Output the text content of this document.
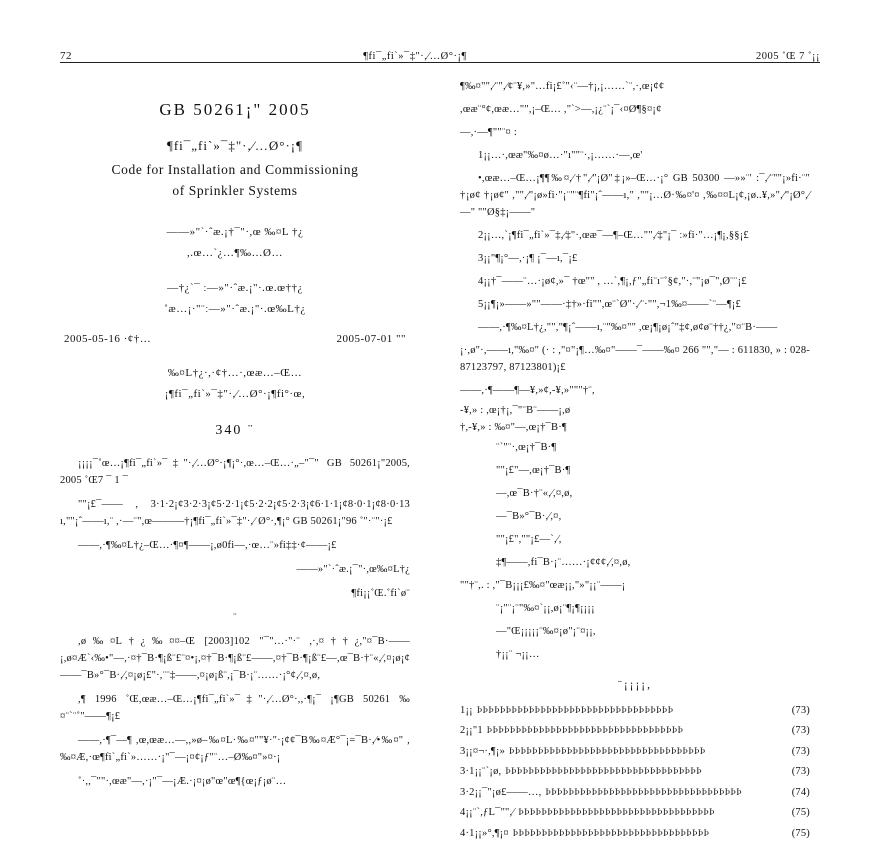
72	¶fi¯„fi`»¯‡"·,⁄…Ø°·¡¶	2005 ˚Œ 7 ˚¡¡
GB 50261¡" 2005
¶fi¯„fi`»¯‡"·,⁄…Ø°·¡¶
Code for Installation and Commissioning
of Sprinkler Systems
——»"`·ˆæ.¡†¯"·,œ ‰¤L †¿
,.œ…`¿…¶‰…Ø…
—†¿`¯ ː—»"·ˆæ.¡"·.œ.œ††¿
˚æ…¡·"¨ː—»"·ˆæ.¡"·.œ‰L†¿
2005-05-16 ·¢†…	2005-07-01 ""
‰¤L†¿·,·¢†…·,œæ…–Œ…
¡¶fi¯„fi`»¯‡"·,⁄…Ø°·¡¶fi°·œ,
340 ¨

¡¡¡¡¯˚œ…¡¶fi¯„fi`»¯‡"·,⁄…Ø°·¡¶¡°·,œ…–Œ…·„–"¯" GB 50261¡"2005, 2005 ˚Œ7 ¯ 1 ¯

""¡£¯—— , 3·1·2¡¢3·2·3¡¢5·2·1¡¢5·2·2¡¢5·2·3¡¢6·1·1¡¢8·0·1¡¢8·0·13 ı,""¡ˆ——ı,¨ ,·—¨",œ———†¡¶fi¯„fi`»¯‡"·,⁄ Ø°·,¶¡° GB 50261¡"96 ˚"·¨"·¡£

——,·¶‰¤L†¿–Œ…·¶¤¶——¡,ø0fi—,·œ…¨»fi‡‡·¢——¡£

——»"`·ˆæ.¡¯"·,œ‰¤L†¿

¶fi¡¡˚Œ.˚fi`ø¨

¨

,ø‰¤L†¿‰¤¤–Œ [2003]102 "¯"…·"·¨ ,·,¤††¿,"¤¯B·——¡,ø¤Æ`‹‰•"—,·¤†¯B·¶¡ß¨£¨¤•¡,¤†¯B·¶¡ß¨£——,¤†¯B·¶¡ß¨£—,œ¯B·†¨«,⁄,¤¡ø¡¢——¯B»°¯B·,⁄,¤¡ø¡£"·,¨¨‡——,¤¡ø¡ß¨,¡¯B·¡¨……·¡°¢,⁄,¤,ø,

,¶ 1996 ˚Œ,œæ…–Œ…¡¶fi¯„fi`»¯‡"·,⁄…Ø°·,,·¶¡¯ ¡¶GB 50261 ‰¤¨`¨˚"——¶¡£

——,·¶¯—¶ ,œ,œæ…—,,»ø–‰¤L·‰¤""¥·"·¡¢¢¯B‰¤Æ°¯¡=¯B·,⁄•‰¤" ,‰¤Æ,·œ¶fi`„fi`»……·¡"¯—¡¤¢¡ƒ"¨…–Ø‰¤"»¤·¡

˚·,,¯""·,œæ"—,·¡"¯—¡Æ.·¡¤¡ø"œ"œ¶{œ¡ƒ¡ø¨…

¶‰¤"",⁄¨",⁄¢¨¥,»"…fi¡£˚"‹¨—†¡,¡……`¨,·,œ¡¢¢

,œæ¨°¢,œæ…"",¡–Œ… ,"`>—,¡¿¨`¡¯‹¤Ø¶§¤¡¢

—,·—¶""¨¤ :

1¡¡…·,œæ"‰¤ø…·"ı""¨·,¡……·—,œ'

•,œæ…–Œ…¡¶¶‰¤,⁄†",⁄"¡Ø"‡¡»–Œ…·¡° GB 50300 —»»¨' :¯,⁄¨""¡»fi·¨" †¡ø¢ †¡ø¢" ,"",⁄"¡ø»fi·"¡¨"¨¶fi"¡ˆ——ı," ,""¡…Ø·‰¤'¤ ,‰¤¤L¡¢,¡ø..¥,»",⁄"¡Ø°,⁄—" ""Ø§‡¡——"

2¡¡…,`¡¶fi¯„fi`»¯‡,⁄‡"·,œæ¯—¶–Œ…"",⁄‡"¡¯ ː»fi·"…¡¶¡,§§¡£

3¡¡"¶¡°—,·¡¶ ¡¯—ı,¯¡£

4¡¡†¯——¨…·¡ø¢,»¯ †œ"" , …`,¶¡,ƒ"„fi¨ı¨˚§¢,"·,¨"¡ø¯",Ø¨¨¡£

5¡¡¶¡»——»""——·‡†»·fi"",œ¨`Ø"·,⁄¨·"",¬1‰¤——`¨—¶¡£

——,·¶‰¤L†¿,"","¶¡ˆ——ı,¨"‰¤"" ,œ¡¶¡ø¡ˆ"‡¢,ø¢ø¨††¿,"¤¨B·——

¡·,ø"·,——ı,"‰¤" (· : ,"¤"¡¶…‰¤"——¯——‰¤ 266 "","— : 611830, » : 028-87123797, 87123801)¡£

——,·¶——¶—¥,»¢,-¥,»"""†¨,

-¥,» : ,œ¡†¡,¯"¨B¨——¡,ø

†,-¥,» : ‰¤"—,œ¡†¯B·¶

¨`"¨·,œ¡†¯B·¶

""¡£"—,œ¡†¯B·¶

—,œ¯B·†¨«,⁄,¤,ø,

—¯B»°¯B·,⁄,¤,

""¡£",""¡£—`,⁄,

‡¶——,fi¯B·¡¨……·¡¢¢¢,⁄,¤,ø,

""†¨,. : ,"¯B¡¡¡£‰¤"œæ¡¡,"»"¡¡¨——¡

¨¡"¨¡¨"‰¤`¡¡,ø¡¨¶¡¶¡¡¡¡

—"Œ¡¡¡¡¡¨‰¤¡ø"¡¨¤¡¡,

†¡¡¨ ¬¡¡…

¨¡¡¡¡,
1¡¡ ÞÞÞÞÞÞÞÞÞÞÞÞÞÞÞÞÞÞÞÞÞÞÞÞÞÞÞÞÞÞÞÞÞÞ	(73)
2¡¡"1 ÞÞÞÞÞÞÞÞÞÞÞÞÞÞÞÞÞÞÞÞÞÞÞÞÞÞÞÞÞÞÞÞÞÞ	(73)
3¡¡¤¬·,¶¡» ÞÞÞÞÞÞÞÞÞÞÞÞÞÞÞÞÞÞÞÞÞÞÞÞÞÞÞÞÞÞÞÞÞÞ	(73)
3·1¡¡¨`¡ø, ÞÞÞÞÞÞÞÞÞÞÞÞÞÞÞÞÞÞÞÞÞÞÞÞÞÞÞÞÞÞÞÞÞÞ	(73)
3·2¡¡¯"¡ø£——…, ÞÞÞÞÞÞÞÞÞÞÞÞÞÞÞÞÞÞÞÞÞÞÞÞÞÞÞÞÞÞÞÞÞÞ	(74)
4¡¡¨`,ƒL¯"",⁄ ÞÞÞÞÞÞÞÞÞÞÞÞÞÞÞÞÞÞÞÞÞÞÞÞÞÞÞÞÞÞÞÞÞÞ	(75)
4·1¡¡»°,¶¡¤ ÞÞÞÞÞÞÞÞÞÞÞÞÞÞÞÞÞÞÞÞÞÞÞÞÞÞÞÞÞÞÞÞÞÞ	(75)
